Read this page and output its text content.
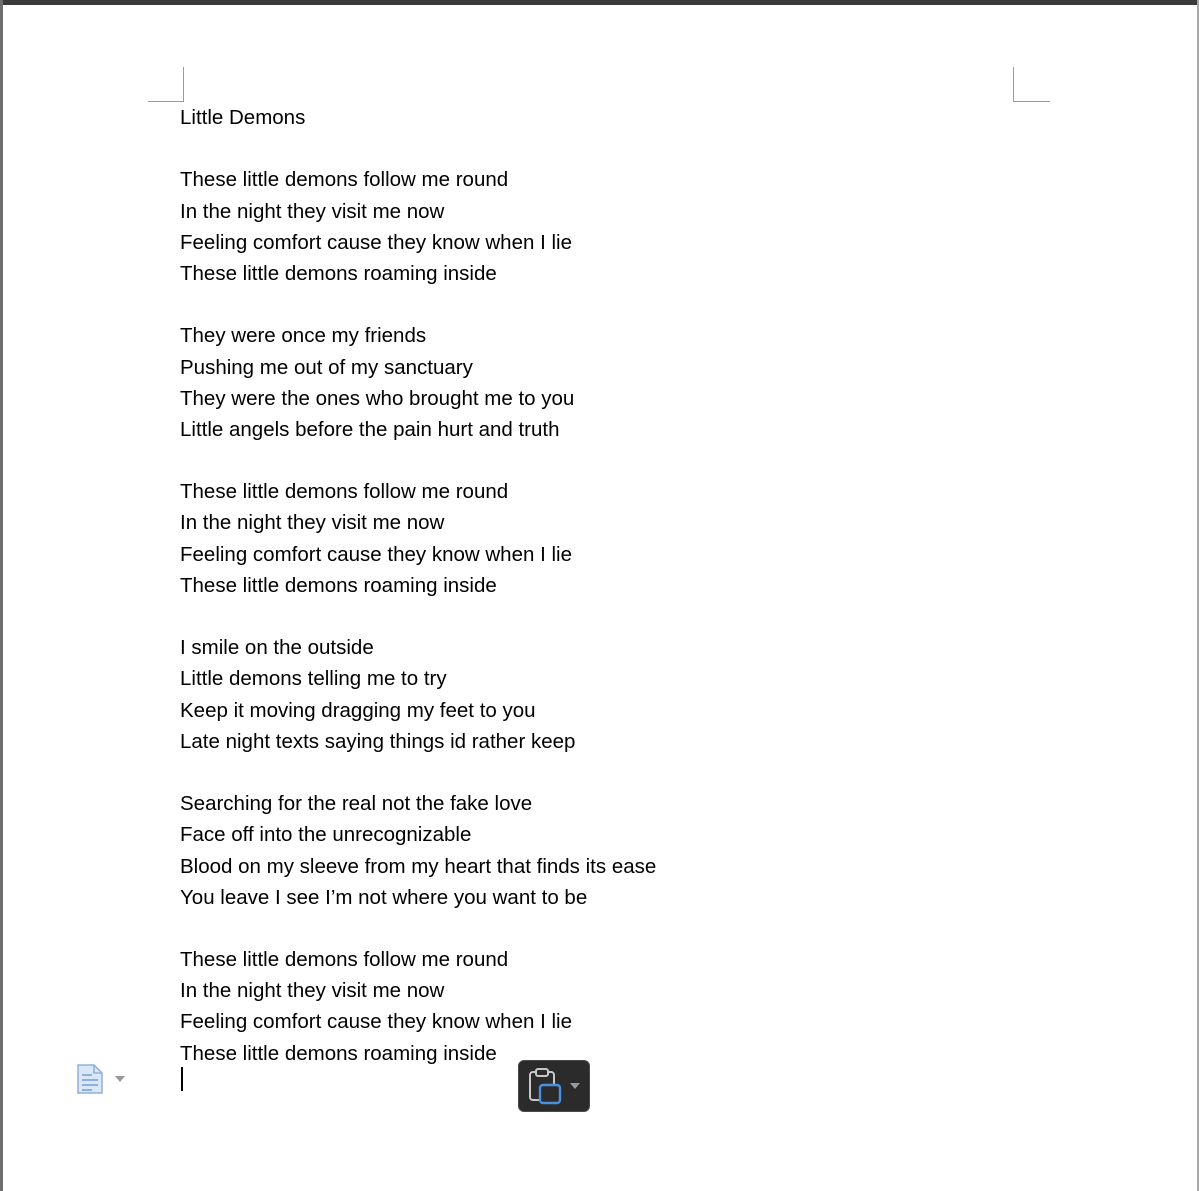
Little Demons
These little demons follow me round
In the night they visit me now
Feeling comfort cause they know when I lie
These little demons roaming inside
They were once my friends
Pushing me out of my sanctuary
They were the ones who brought me to you
Little angels before the pain hurt and truth
These little demons follow me round
In the night they visit me now
Feeling comfort cause they know when I lie
These little demons roaming inside
I smile on the outside
Little demons telling me to try
Keep it moving dragging my feet to you
Late night texts saying things id rather keep
Searching for the real not the fake love
Face off into the unrecognizable
Blood on my sleeve from my heart that finds its ease
You leave I see I’m not where you want to be
These little demons follow me round
In the night they visit me now
Feeling comfort cause they know when I lie
These little demons roaming inside
